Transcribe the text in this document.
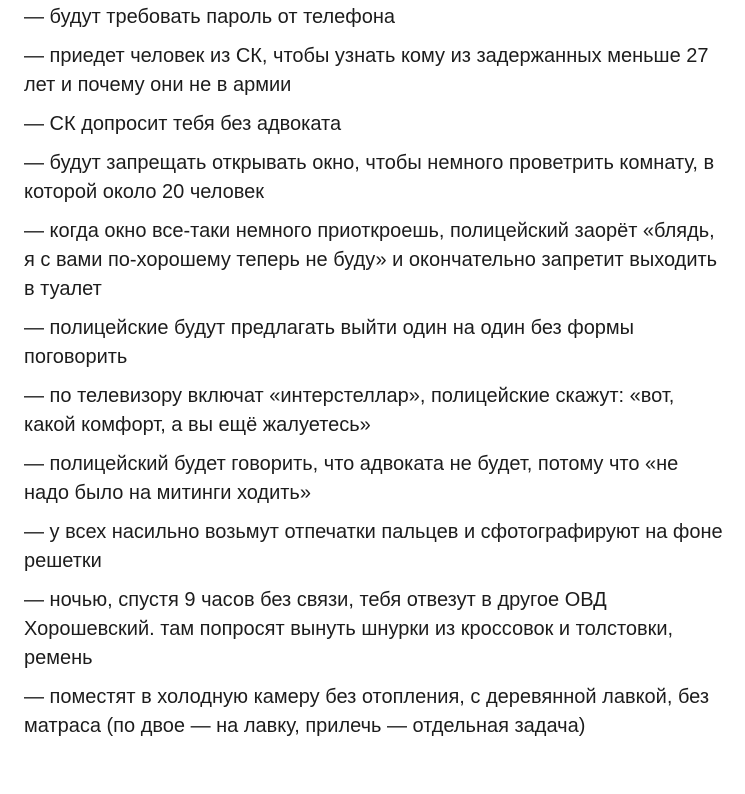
— будут требовать пароль от телефона

— приедет человек из СК, чтобы узнать кому из задержанных меньше 27 лет и почему они не в армии

— СК допросит тебя без адвоката

— будут запрещать открывать окно, чтобы немного проветрить комнату, в которой около 20 человек

— когда окно все-таки немного приоткроешь, полицейский заорёт «блядь, я с вами по-хорошему теперь не буду» и окончательно запретит выходить в туалет

— полицейские будут предлагать выйти один на один без формы поговорить

— по телевизору включат «интерстеллар», полицейские скажут: «вот, какой комфорт, а вы ещё жалуетесь»

— полицейский будет говорить, что адвоката не будет, потому что «не надо было на митинги ходить»

— у всех насильно возьмут отпечатки пальцев и сфотографируют на фоне решетки

— ночью, спустя 9 часов без связи, тебя отвезут в другое ОВД Хорошевский. там попросят вынуть шнурки из кроссовок и толстовки, ремень

— поместят в холодную камеру без отопления, с деревянной лавкой, без матраса (по двое — на лавку, прилечь — отдельная задача)
